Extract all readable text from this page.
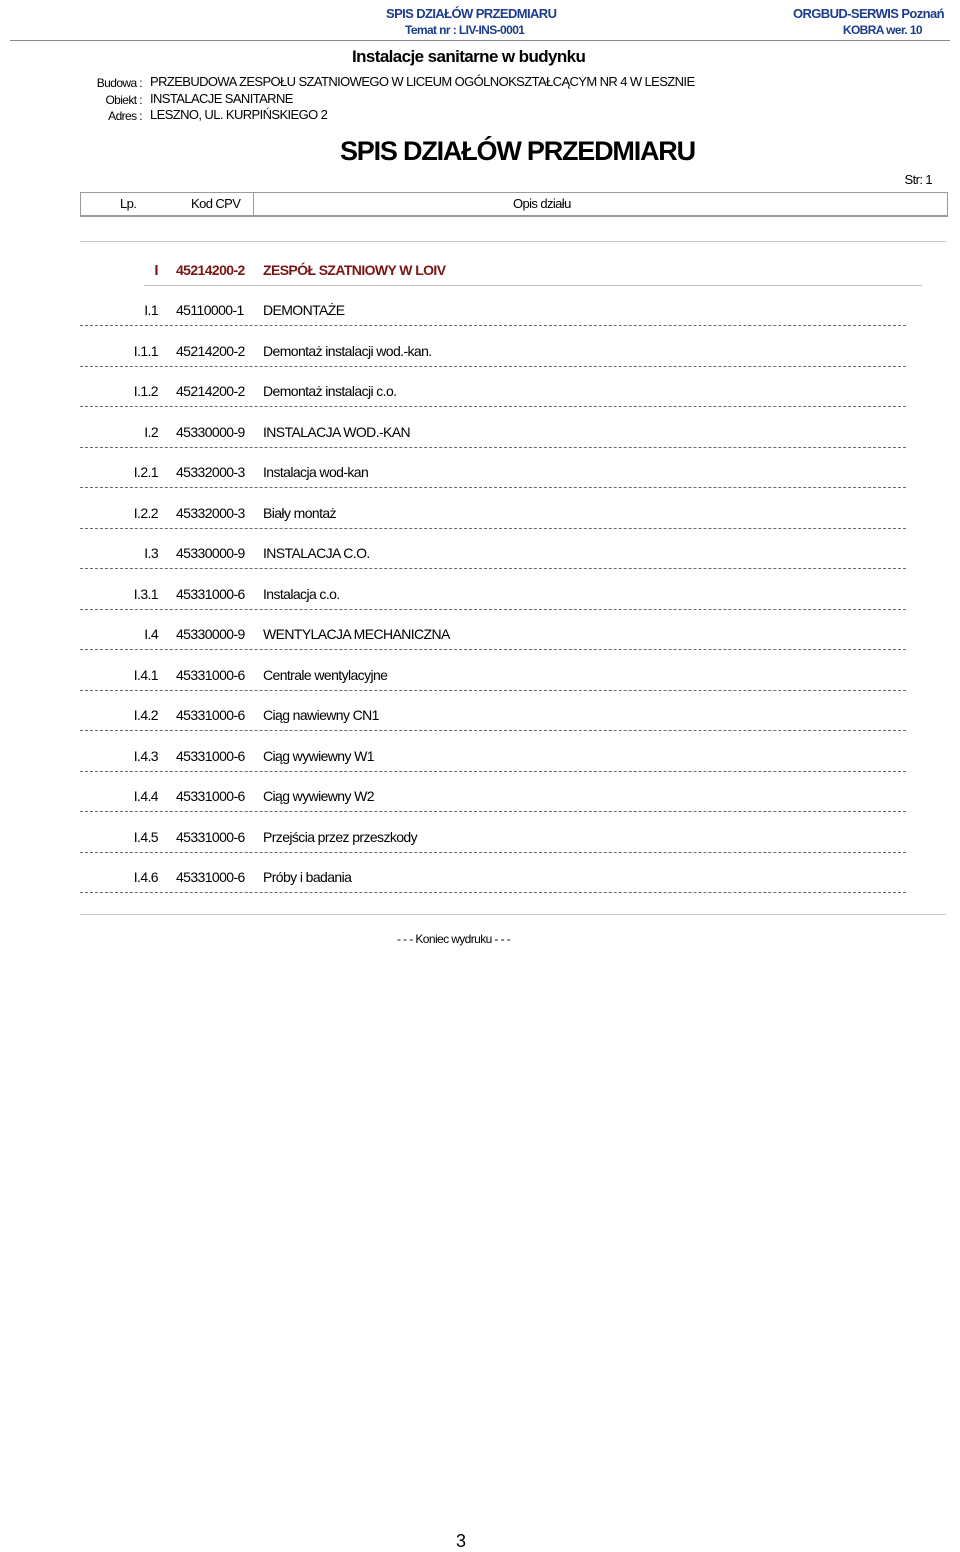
SPIS DZIAŁÓW PRZEDMIARU
Temat nr : LIV-INS-0001
ORGBUD-SERWIS Poznań
KOBRA wer. 10
Instalacje sanitarne w budynku
Budowa : PRZEBUDOWA ZESPOŁU SZATNIOWEGO W LICEUM OGÓLNOKSZTAŁCĄCYM NR 4 W LESZNIE
Obiekt : INSTALACJE SANITARNE
Adres : LESZNO, UL. KURPIŃSKIEGO 2
SPIS DZIAŁÓW PRZEDMIARU
Str: 1
Lp.	Kod CPV	Opis działu
I 45214200-2 ZESPÓŁ SZATNIOWY W LOIV
I.1 45110000-1 DEMONTAŻE
I.1.1 45214200-2 Demontaż instalacji wod.-kan.
I.1.2 45214200-2 Demontaż instalacji c.o.
I.2 45330000-9 INSTALACJA WOD.-KAN
I.2.1 45332000-3 Instalacja wod-kan
I.2.2 45332000-3 Biały montaż
I.3 45330000-9 INSTALACJA C.O.
I.3.1 45331000-6 Instalacja c.o.
I.4 45330000-9 WENTYLACJA MECHANICZNA
I.4.1 45331000-6 Centrale wentylacyjne
I.4.2 45331000-6 Ciąg nawiewny CN1
I.4.3 45331000-6 Ciąg wywiewny W1
I.4.4 45331000-6 Ciąg wywiewny W2
I.4.5 45331000-6 Przejścia przez przeszkody
I.4.6 45331000-6 Próby i badania
- - - Koniec wydruku - - -
3
